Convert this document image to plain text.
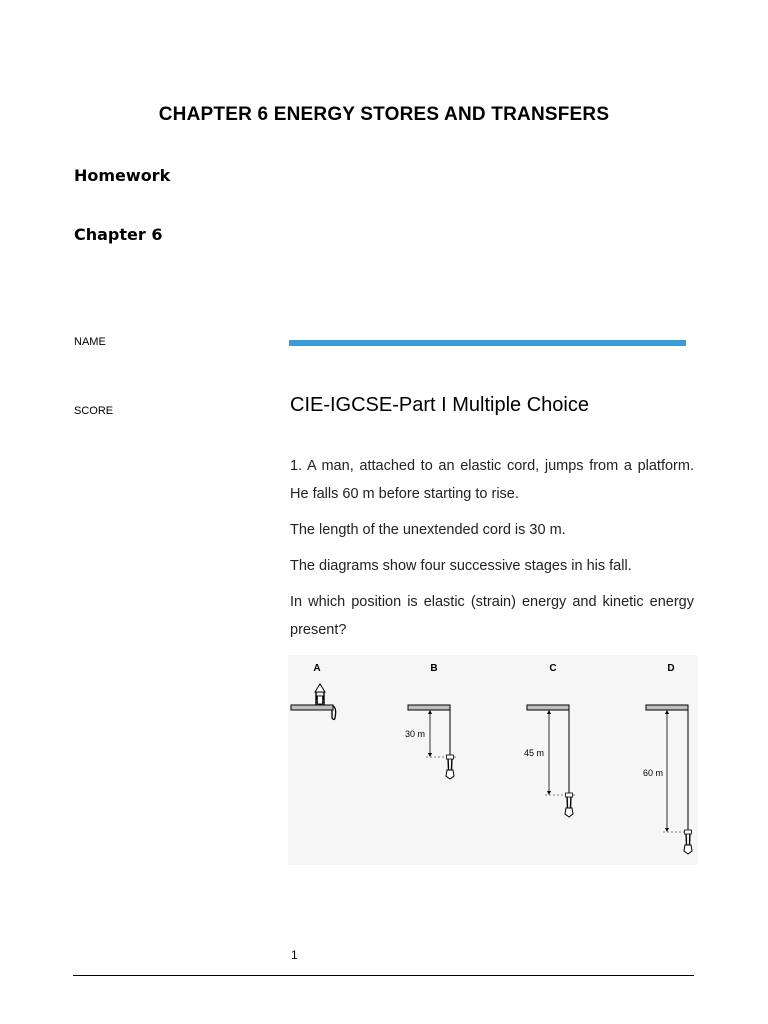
CHAPTER 6 ENERGY STORES AND TRANSFERS
Homework
Chapter 6
NAME
SCORE	CIE-IGCSE-Part I Multiple Choice

1. A man, attached to an elastic cord, jumps from a platform. He falls 60 m before starting to rise.

The length of the unextended cord is 30 m.

The diagrams show four successive stages in his fall.

In which position is elastic (strain) energy and kinetic energy present?

A	B	C	D
30 m
45 m
60 m
1
